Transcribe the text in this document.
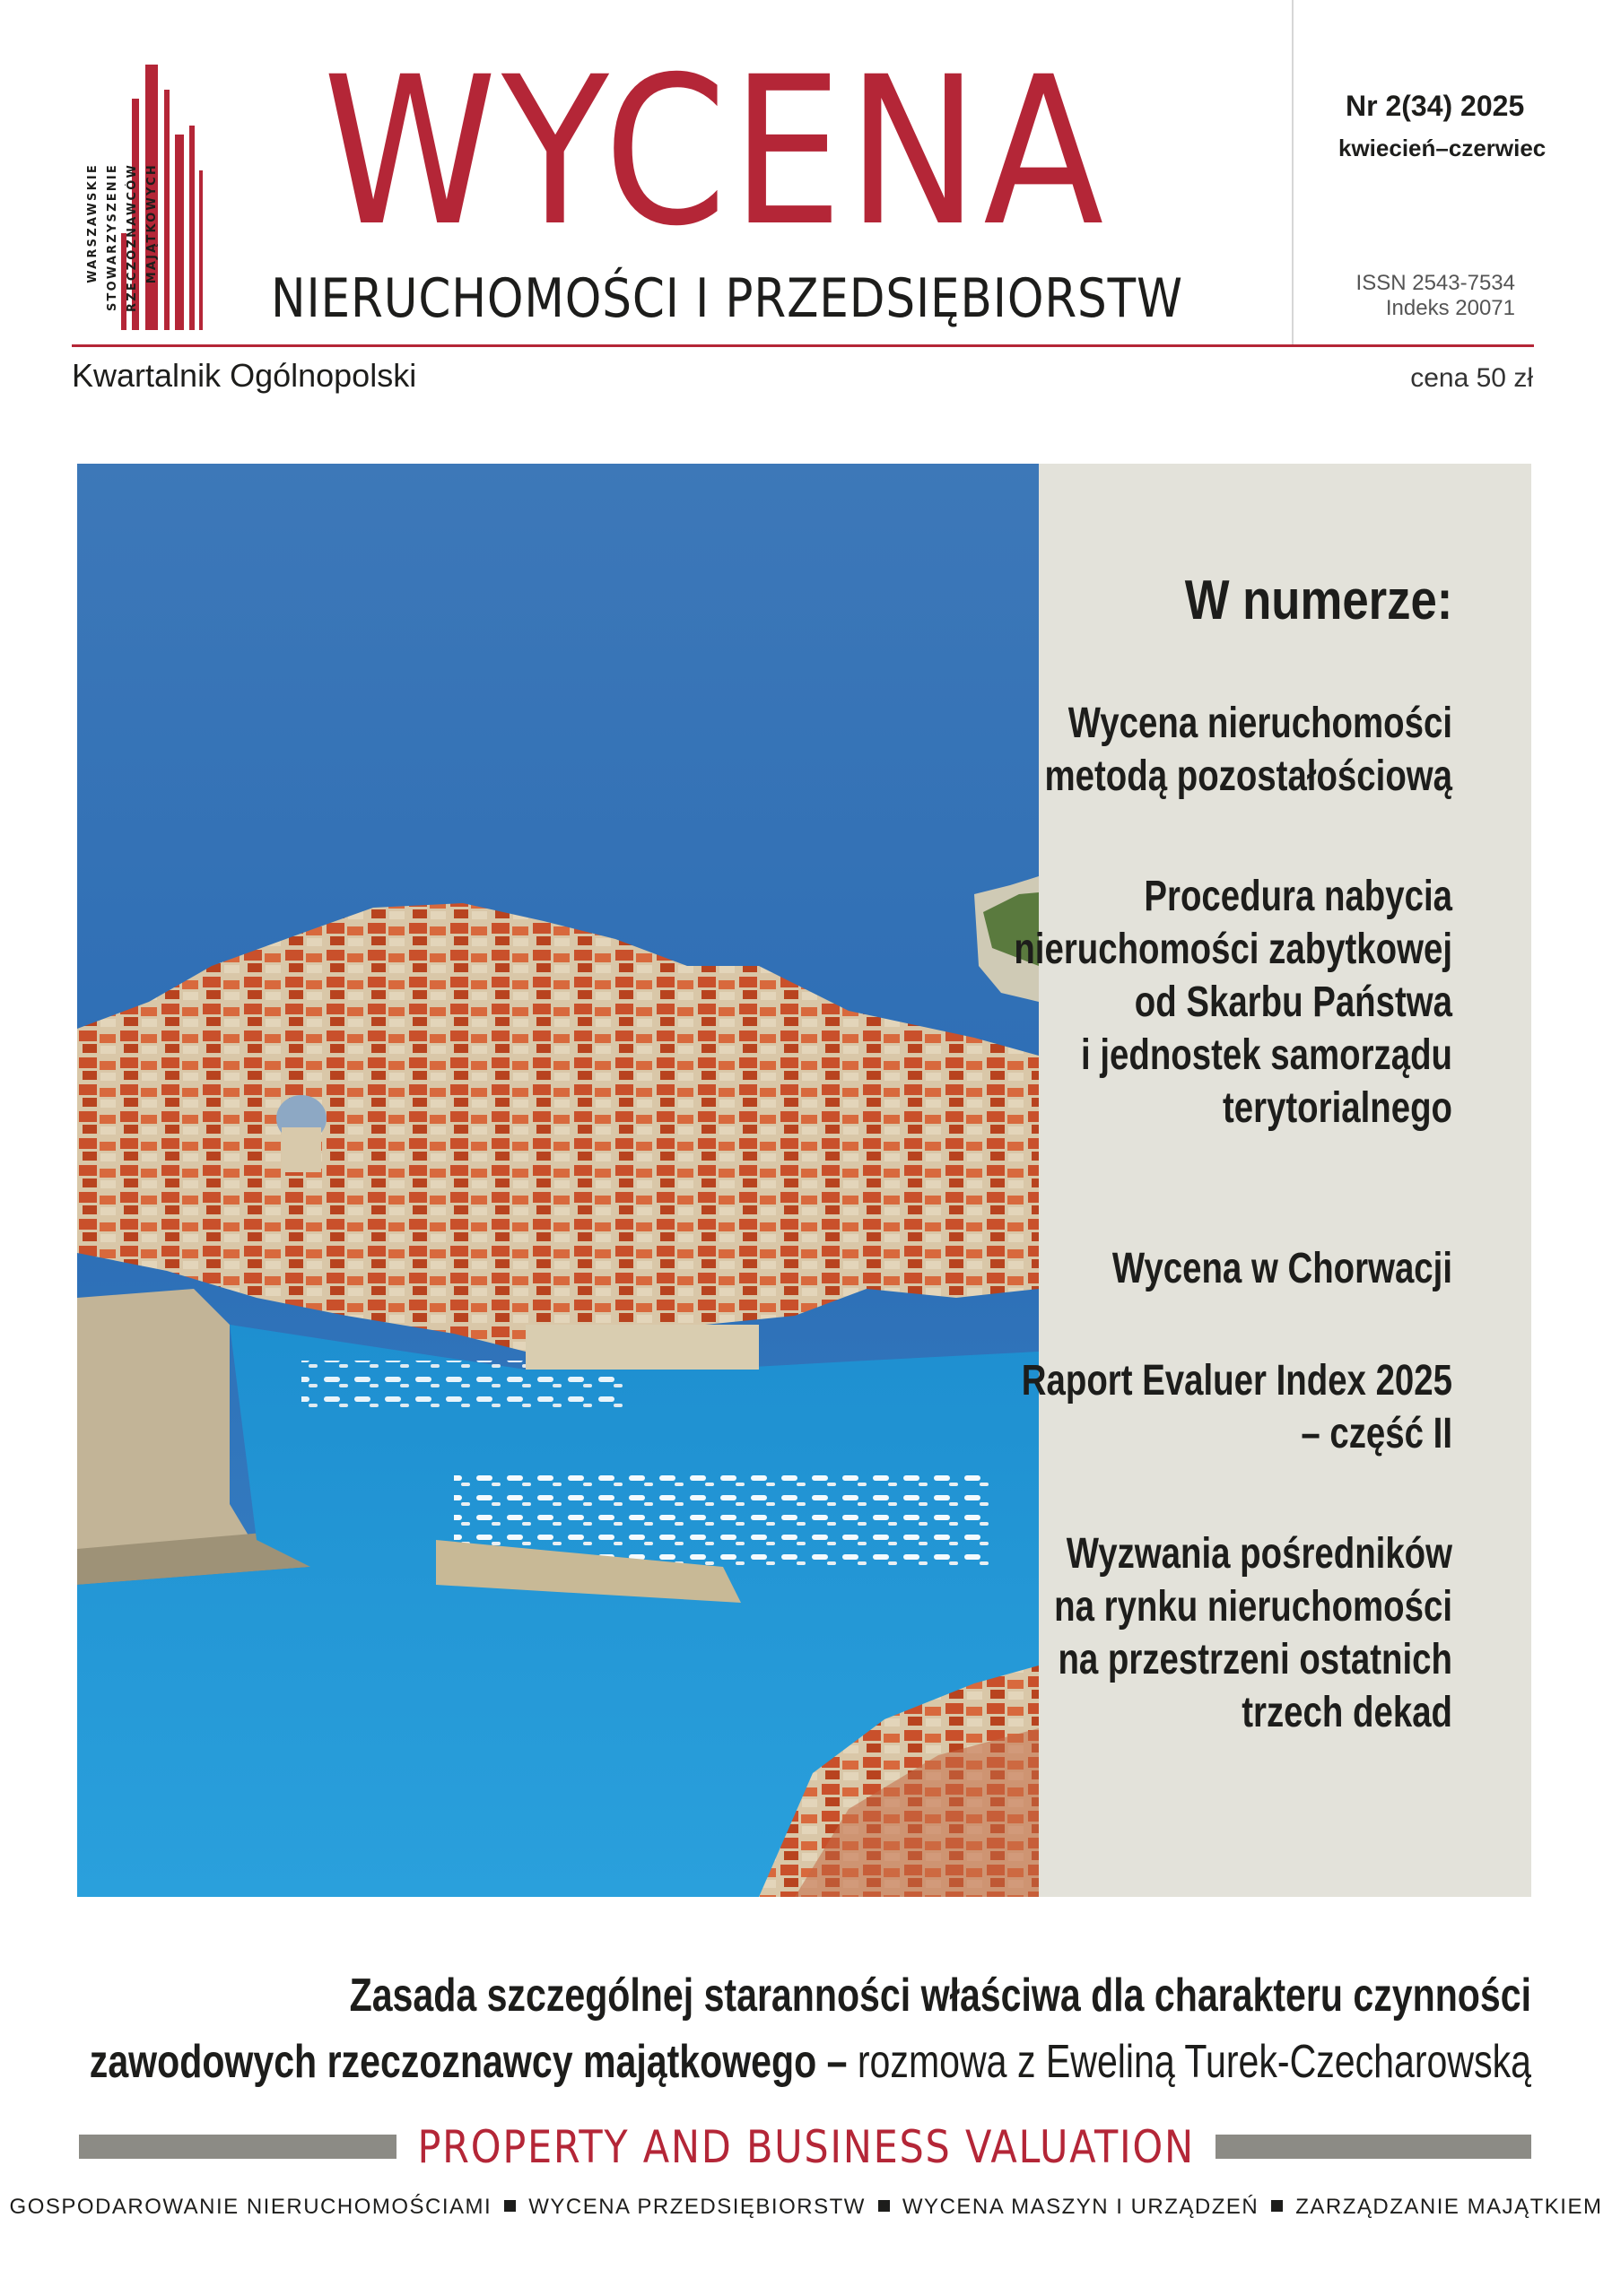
WARSZAWSKIE STOWARZYSZENIE RZECZOZNAWCÓW MAJĄTKOWYCH WYCENA
NIERUCHOMOŚCI I PRZEDSIĘBIORSTW
Nr 2(34) 2025
kwiecień–czerwiec
ISSN 2543-7534
Indeks 20071
Kwartalnik Ogólnopolski	cena 50 zł
W numerze:
Wycena nieruchomości
metodą pozostałościową
Procedura nabycia
nieruchomości zabytkowej
od Skarbu Państwa
i jednostek samorządu
terytorialnego
Wycena w Chorwacji
Raport Evaluer Index 2025
– część II
Wyzwania pośredników
na rynku nieruchomości
na przestrzeni ostatnich
trzech dekad
Zasada szczególnej staranności właściwa dla charakteru czynności
zawodowych rzeczoznawcy majątkowego – rozmowa z Eweliną Turek-Czecharowską
PROPERTY AND BUSINESS VALUATION
GOSPODAROWANIE NIERUCHOMOŚCIAMI WYCENA PRZEDSIĘBIORSTW WYCENA MASZYN I URZĄDZEŃ ZARZĄDZANIE MAJĄTKIEM
